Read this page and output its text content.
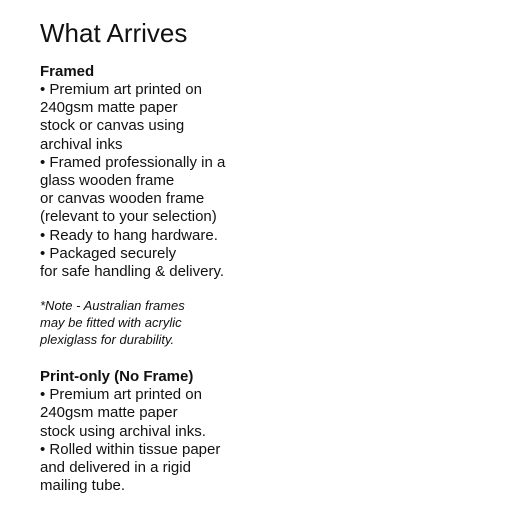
What Arrives

Framed

• Premium art printed on

240gsm matte paper

stock or canvas using

archival inks

• Framed professionally in a

glass wooden frame

or canvas wooden frame

(relevant to your selection)

• Ready to hang hardware.

• Packaged securely

for safe handling & delivery.

*Note - Australian frames

may be fitted with acrylic

plexiglass for durability.

Print-only (No Frame)

• Premium art printed on

240gsm matte paper

stock using archival inks.

• Rolled within tissue paper

and delivered in a rigid

mailing tube.
